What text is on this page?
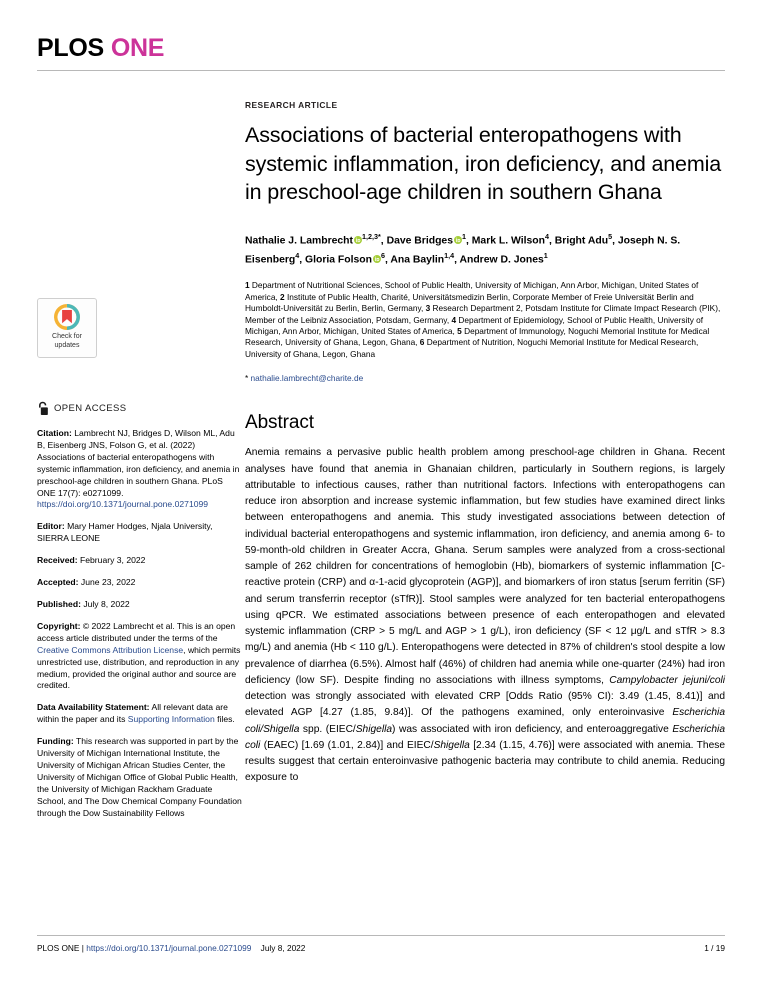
PLOS ONE
Check for
updates
OPEN ACCESS
Citation: Lambrecht NJ, Bridges D, Wilson ML, Adu B, Eisenberg JNS, Folson G, et al. (2022) Associations of bacterial enteropathogens with systemic inflammation, iron deficiency, and anemia in preschool-age children in southern Ghana. PLoS ONE 17(7): e0271099. https://doi.org/10.1371/journal.pone.0271099
Editor: Mary Hamer Hodges, Njala University, SIERRA LEONE
Received: February 3, 2022
Accepted: June 23, 2022
Published: July 8, 2022
Copyright: © 2022 Lambrecht et al. This is an open access article distributed under the terms of the Creative Commons Attribution License, which permits unrestricted use, distribution, and reproduction in any medium, provided the original author and source are credited.
Data Availability Statement: All relevant data are within the paper and its Supporting Information files.
Funding: This research was supported in part by the University of Michigan International Institute, the University of Michigan African Studies Center, the University of Michigan Office of Global Public Health, the University of Michigan Rackham Graduate School, and The Dow Chemical Company Foundation through the Dow Sustainability Fellows
RESEARCH ARTICLE
Associations of bacterial enteropathogens with systemic inflammation, iron deficiency, and anemia in preschool-age children in southern Ghana
Nathalie J. Lambrecht $^{1,2,3*}$, Dave Bridges $^1$, Mark L. Wilson$^4$, Bright Adu$^5$, Joseph N. S. Eisenberg$^4$, Gloria Folson $^6$, Ana Baylin$^{1,4}$, Andrew D. Jones$^1$
1 Department of Nutritional Sciences, School of Public Health, University of Michigan, Ann Arbor, Michigan, United States of America, 2 Institute of Public Health, Charité, Universitätsmedizin Berlin, Corporate Member of Freie Universität Berlin and Humboldt-Universität zu Berlin, Berlin, Germany, 3 Research Department 2, Potsdam Institute for Climate Impact Research (PIK), Member of the Leibniz Association, Potsdam, Germany, 4 Department of Epidemiology, School of Public Health, University of Michigan, Ann Arbor, Michigan, United States of America, 5 Department of Immunology, Noguchi Memorial Institute for Medical Research, University of Ghana, Legon, Ghana, 6 Department of Nutrition, Noguchi Memorial Institute for Medical Research, University of Ghana, Legon, Ghana
* nathalie.lambrecht@charite.de
Abstract
Anemia remains a pervasive public health problem among preschool-age children in Ghana. Recent analyses have found that anemia in Ghanaian children, particularly in Southern regions, is largely attributable to infectious causes, rather than nutritional factors. Infections with enteropathogens can reduce iron absorption and increase systemic inflammation, but few studies have examined direct links between enteropathogens and anemia. This study investigated associations between detection of individual bacterial enteropathogens and systemic inflammation, iron deficiency, and anemia among 6- to 59-month-old children in Greater Accra, Ghana. Serum samples were analyzed from a cross-sectional sample of 262 children for concentrations of hemoglobin (Hb), biomarkers of systemic inflammation [C-reactive protein (CRP) and α-1-acid glycoprotein (AGP)], and biomarkers of iron status [serum ferritin (SF) and serum transferrin receptor (sTfR)]. Stool samples were analyzed for ten bacterial enteropathogens using qPCR. We estimated associations between presence of each enteropathogen and elevated systemic inflammation (CRP > 5 mg/L and AGP > 1 g/L), iron deficiency (SF < 12 μg/L and sTfR > 8.3 mg/L) and anemia (Hb < 110 g/L). Enteropathogens were detected in 87% of children's stool despite a low prevalence of diarrhea (6.5%). Almost half (46%) of children had anemia while one-quarter (24%) had iron deficiency (low SF). Despite finding no associations with illness symptoms, Campylobacter jejuni/coli detection was strongly associated with elevated CRP [Odds Ratio (95% CI): 3.49 (1.45, 8.41)] and elevated AGP [4.27 (1.85, 9.84)]. Of the pathogens examined, only enteroinvasive Escherichia coli/Shigella spp. (EIEC/Shigella) was associated with iron deficiency, and enteroaggregative Escherichia coli (EAEC) [1.69 (1.01, 2.84)] and EIEC/Shigella [2.34 (1.15, 4.76)] were associated with anemia. These results suggest that certain enteroinvasive pathogenic bacteria may contribute to child anemia. Reducing exposure to
PLOS ONE | https://doi.org/10.1371/journal.pone.0271099 July 8, 2022	1 / 19
